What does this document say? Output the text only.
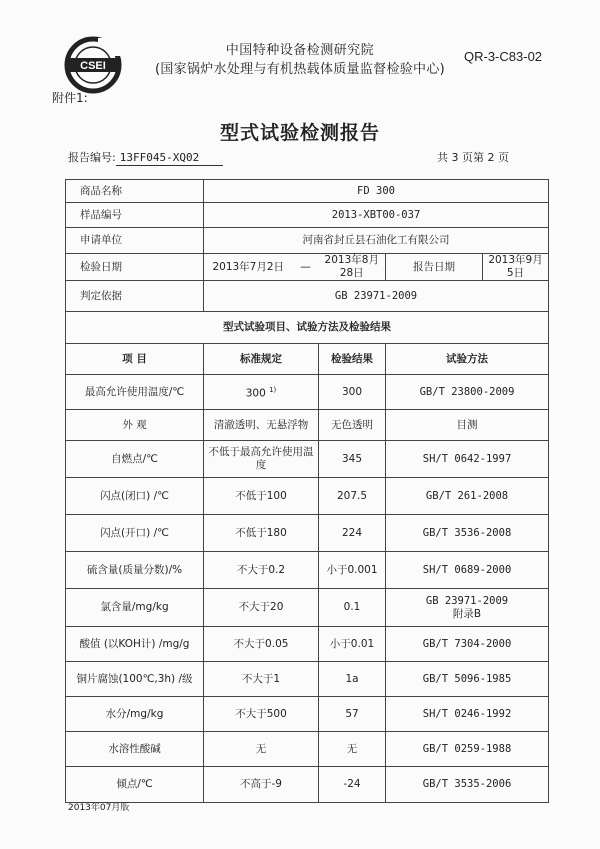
CSEI
中国特种设备检测研究院
(国家锅炉水处理与有机热载体质量监督检验中心)
QR-3-C83-02
附件1:
型式试验检测报告
报告编号: 13FF045-XQ02	共 3 页第 2 页
商品名称	FD 300				
样品编号	2013-XBT00-037				
申请单位	河南省封丘县石油化工有限公司				
检验日期	2013年7月2日	—	2013年8月28日	报告日期	2013年9月5日
判定依据	GB 23971-2009				
型式试验项目、试验方法及检验结果					
项 目	标准规定		检验结果	试验方法	
最高允许使用温度/℃	300 $^{1)}$		300	GB/T 23800-2009	

外 观	清澈透明、无悬浮物		无色透明	目测	

自燃点/℃	不低于最高允许使用温度		345	SH/T 0642-1997	

闪点(闭口) /℃	不低于100		207.5	GB/T 261-2008	

闪点(开口) /℃	不低于180		224	GB/T 3536-2008	

硫含量(质量分数)/%	不大于0.2		小于0.001	SH/T 0689-2000	

氯含量/mg/kg	不大于20		0.1	GB 23971-2009
附录B	

酸值 (以KOH计) /mg/g	不大于0.05		小于0.01	GB/T 7304-2000	

铜片腐蚀(100℃,3h) /级	不大于1		1a	GB/T 5096-1985	

水分/mg/kg	不大于500		57	SH/T 0246-1992	

水溶性酸碱	无		无	GB/T 0259-1988	

倾点/℃	不高于-9		-24	GB/T 3535-2006	
2013年07月版
